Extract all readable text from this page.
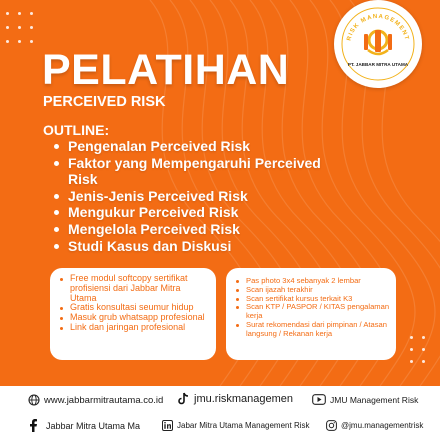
RISK MANAGEMENT
PT. JABBAR MITRA UTAMA
PELATIHAN
PERCEIVED RISK
OUTLINE:
Pengenalan Perceived Risk
Faktor yang Mempengaruhi Perceived Risk
Jenis-Jenis Perceived Risk
Mengukur Perceived Risk
Mengelola Perceived Risk
Studi Kasus dan Diskusi
Free modul softcopy sertifikat profisiensi dari Jabbar Mitra Utama
Gratis konsultasi seumur hidup
Masuk grub whatsapp profesional
Link dan jaringan profesional
Pas photo 3x4 sebanyak 2 lembar
Scan ijazah terakhir
Scan sertifikat kursus terkait K3
Scan KTP / PASPOR / KITAS pengalaman kerja
Surat rekomendasi dari pimpinan / Atasan langsung / Rekanan kerja
www.jabbarmitrautama.co.id	jmu.riskmanagemen	JMU Management Risk
Jabbar Mitra Utama Ma	Jabar Mitra Utama Management Risk	@jmu.managementrisk
